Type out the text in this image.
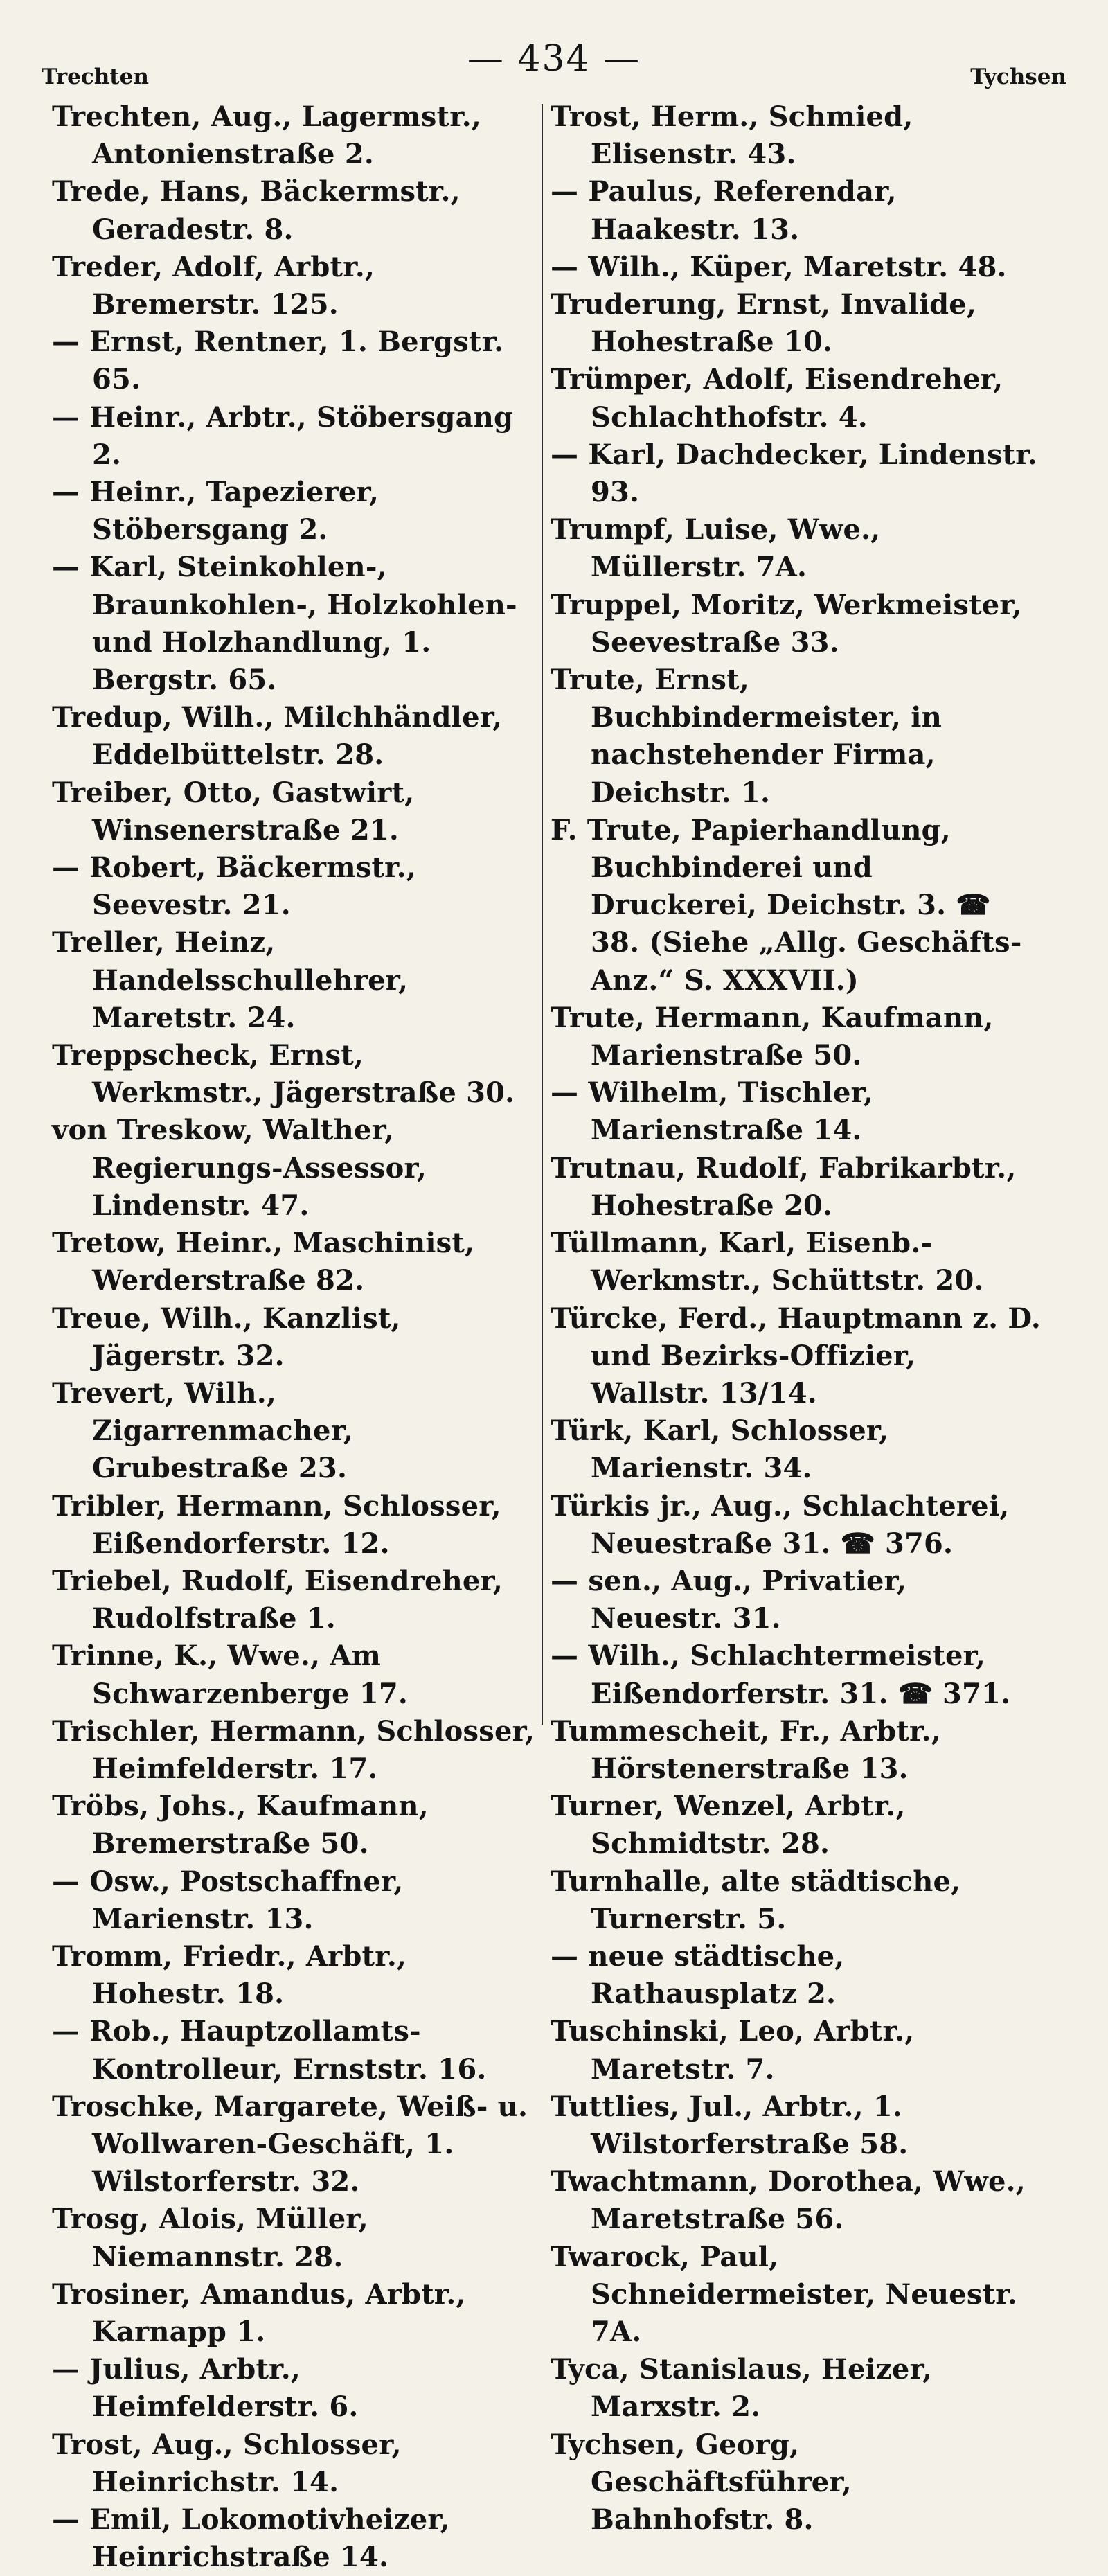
Trechten	— 434 —	Tychsen
Trechten, Aug., Lagermstr., Antonienstraße 2.
Trede, Hans, Bäckermstr., Geradestr. 8.
Treder, Adolf, Arbtr., Bremerstr. 125.
— Ernst, Rentner, 1. Bergstr. 65.
— Heinr., Arbtr., Stöbersgang 2.
— Heinr., Tapezierer, Stöbersgang 2.
— Karl, Steinkohlen-, Braunkohlen-, Holzkohlen- und Holzhandlung, 1. Bergstr. 65.
Tredup, Wilh., Milchhändler, Eddelbüttelstr. 28.
Treiber, Otto, Gastwirt, Winsenerstraße 21.
— Robert, Bäckermstr., Seevestr. 21.
Treller, Heinz, Handelsschullehrer, Maretstr. 24.
Treppscheck, Ernst, Werkmstr., Jägerstraße 30.
von Treskow, Walther, Regierungs-Assessor, Lindenstr. 47.
Tretow, Heinr., Maschinist, Werderstraße 82.
Treue, Wilh., Kanzlist, Jägerstr. 32.
Trevert, Wilh., Zigarrenmacher, Grubestraße 23.
Tribler, Hermann, Schlosser, Eißendorferstr. 12.
Triebel, Rudolf, Eisendreher, Rudolfstraße 1.
Trinne, K., Wwe., Am Schwarzenberge 17.
Trischler, Hermann, Schlosser, Heimfelderstr. 17.
Tröbs, Johs., Kaufmann, Bremerstraße 50.
— Osw., Postschaffner, Marienstr. 13.
Tromm, Friedr., Arbtr., Hohestr. 18.
— Rob., Hauptzollamts-Kontrolleur, Ernststr. 16.
Troschke, Margarete, Weiß- u. Wollwaren-Geschäft, 1. Wilstorferstr. 32.
Trosg, Alois, Müller, Niemannstr. 28.
Trosiner, Amandus, Arbtr., Karnapp 1.
— Julius, Arbtr., Heimfelderstr. 6.
Trost, Aug., Schlosser, Heinrichstr. 14.
— Emil, Lokomotivheizer, Heinrichstraße 14.
Trost, Herm., Schmied, Elisenstr. 43.
— Paulus, Referendar, Haakestr. 13.
— Wilh., Küper, Maretstr. 48.
Truderung, Ernst, Invalide, Hohestraße 10.
Trümper, Adolf, Eisendreher, Schlachthofstr. 4.
— Karl, Dachdecker, Lindenstr. 93.
Trumpf, Luise, Wwe., Müllerstr. 7A.
Truppel, Moritz, Werkmeister, Seevestraße 33.
Trute, Ernst, Buchbindermeister, in nachstehender Firma, Deichstr. 1.
F. Trute, Papierhandlung, Buchbinderei und Druckerei, Deichstr. 3. ☎ 38. (Siehe „Allg. Geschäfts-Anz.“ S. XXXVII.)
Trute, Hermann, Kaufmann, Marienstraße 50.
— Wilhelm, Tischler, Marienstraße 14.
Trutnau, Rudolf, Fabrikarbtr., Hohestraße 20.
Tüllmann, Karl, Eisenb.-Werkmstr., Schüttstr. 20.
Türcke, Ferd., Hauptmann z. D. und Bezirks-Offizier, Wallstr. 13/14.
Türk, Karl, Schlosser, Marienstr. 34.
Türkis jr., Aug., Schlachterei, Neuestraße 31. ☎ 376.
— sen., Aug., Privatier, Neuestr. 31.
— Wilh., Schlachtermeister, Eißendorferstr. 31. ☎ 371.
Tummescheit, Fr., Arbtr., Hörstenerstraße 13.
Turner, Wenzel, Arbtr., Schmidtstr. 28.
Turnhalle, alte städtische, Turnerstr. 5.
— neue städtische, Rathausplatz 2.
Tuschinski, Leo, Arbtr., Maretstr. 7.
Tuttlies, Jul., Arbtr., 1. Wilstorferstraße 58.
Twachtmann, Dorothea, Wwe., Maretstraße 56.
Twarock, Paul, Schneidermeister, Neuestr. 7A.
Tyca, Stanislaus, Heizer, Marxstr. 2.
Tychsen, Georg, Geschäftsführer, Bahnhofstr. 8.
